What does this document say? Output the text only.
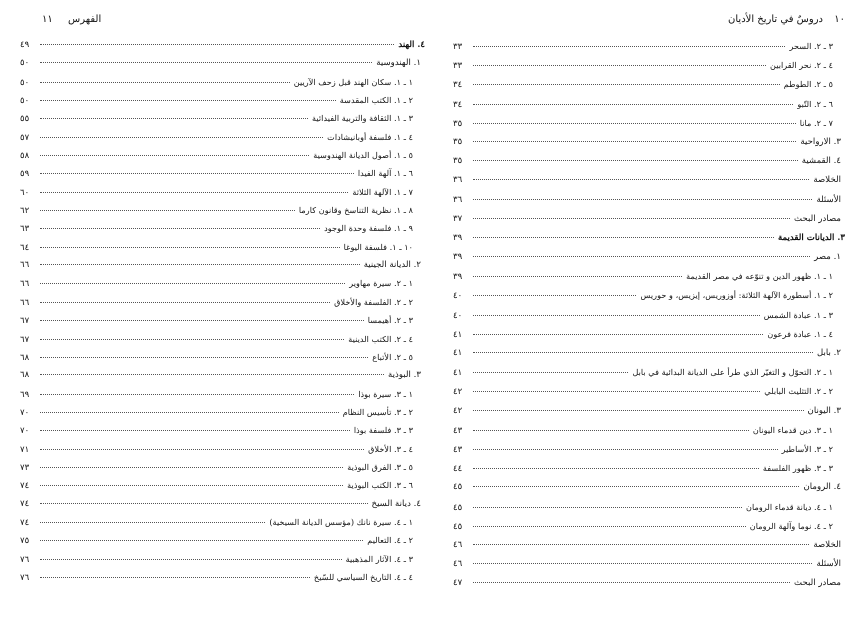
الفهرس
١١
٤. الهند
٤٩
١. الهندوسية
٥٠
١ ـ ١. سكان الهند قبل زحف الآريين
٥٠
٢ ـ ١. الكتب المقدسة
٥٠
٣ ـ ١. الثقافة والتربية الفيدائية
٥٥
٤ ـ ١. فلسفة أوبانيشادات
٥٧
٥ ـ ١. أصول الديانة الهندوسية
٥٨
٦ ـ ١. آلهة الفيدا
٥٩
٧ ـ ١. الآلهة الثلاثة
٦٠
٨ ـ ١. نظرية التناسخ وقانون كارما
٦٢
٩ ـ ١. فلسفة وحدة الوجود
٦٣
١٠ ـ ١. فلسفة اليوغا
٦٤
٢. الديانة الجينية
٦٦
١ ـ ٢. سيرة مهاوير
٦٦
٢ ـ ٢. الفلسفة والأخلاق
٦٦
٣ ـ ٢. أهيمسا
٦٧
٤ ـ ٢. الكتب الدينية
٦٧
٥ ـ ٢. الأتباع
٦٨
٣. البوذية
٦٨
١ ـ ٣. سيرة بوذا
٦٩
٢ ـ ٣. تأسيس النظام
٧٠
٣ ـ ٣. فلسفة بوذا
٧٠
٤ ـ ٣. الأخلاق
٧١
٥ ـ ٣. الفرق البوذية
٧٣
٦ ـ ٣. الكتب البوذية
٧٤
٤. ديانة السيخ
٧٤
١ ـ ٤. سيرة نانك (مؤسس الديانة السيخية)
٧٤
٢ ـ ٤. التعاليم
٧٥
٣ ـ ٤. الآثار المذهبية
٧٦
٤ ـ ٤. التاريخ السياسي للسّيخ
٧٦
١٠
دروسٌ في تاريخ الأديان
٣ ـ ٢. السحر
٣٣
٤ ـ ٢. نحر القرابين
٣٣
٥ ـ ٢. الطوطم
٣٤
٦ ـ ٢. التّبو
٣٤
٧ ـ ٢. مانا
٣٥
٣. الارواحية
٣٥
٤. القمشية
٣٥
الخلاصة
٣٦
الأسئلة
٣٦
مصادر البحث
٣٧
٣. الديانات القديمة
٣٩
١. مصر
٣٩
١ ـ ١. ظهور الدين و تنوّعه في مصر القديمة
٣٩
٢ ـ ١. أسطورة الآلهة الثلاثة: أوزوريس، إيزيس، و حوريس
٤٠
٣ ـ ١. عبادة الشمس
٤٠
٤ ـ ١. عبادة فرعون
٤١
٢. بابل
٤١
١ ـ ٢. التحوّل و التغيّر الذي طرأ على الديانة البدائية في بابل
٤١
٢ ـ ٢. التثليث البابلي
٤٢
٣. اليونان
٤٢
١ ـ ٣. دين قدماء اليونان
٤٣
٢ ـ ٣. الأساطير
٤٣
٣ ـ ٣. ظهور الفلسفة
٤٤
٤. الرومان
٤٥
١ ـ ٤. ديانة قدماء الرومان
٤٥
٢ ـ ٤. نوما وآلهة الرومان
٤٥
الخلاصة
٤٦
الأسئلة
٤٦
مصادر البحث
٤٧
